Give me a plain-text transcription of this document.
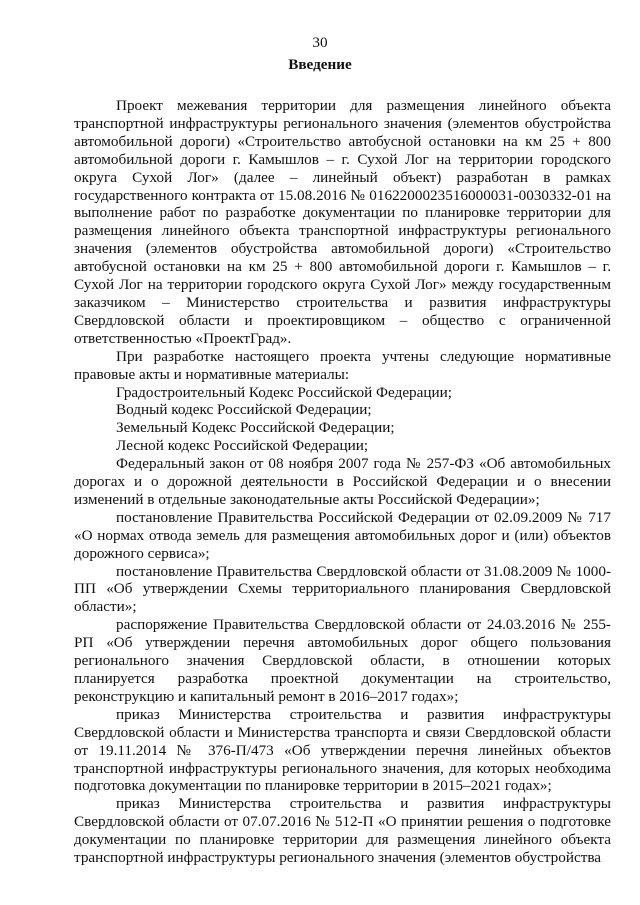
30
Введение

Проект межевания территории для размещения линейного объекта транспортной инфраструктуры регионального значения (элементов обустройства автомобильной дороги) «Строительство автобусной остановки на км 25 + 800 автомобильной дороги г. Камышлов – г. Сухой Лог на территории городского округа Сухой Лог» (далее – линейный объект) разработан в рамках государственного контракта от 15.08.2016 № 0162200023516000031-0030332-01 на выполнение работ по разработке документации по планировке территории для размещения линейного объекта транспортной инфраструктуры регионального значения (элементов обустройства автомобильной дороги) «Строительство автобусной остановки на км 25 + 800 автомобильной дороги г. Камышлов – г. Сухой Лог на территории городского округа Сухой Лог» между государственным заказчиком – Министерство строительства и развития инфраструктуры Свердловской области и проектировщиком – общество с ограниченной ответственностью «ПроектГрад».

При разработке настоящего проекта учтены следующие нормативные правовые акты и нормативные материалы:

Градостроительный Кодекс Российской Федерации;

Водный кодекс Российской Федерации;

Земельный Кодекс Российской Федерации;

Лесной кодекс Российской Федерации;

Федеральный закон от 08 ноября 2007 года № 257-ФЗ «Об автомобильных дорогах и о дорожной деятельности в Российской Федерации и о внесении изменений в отдельные законодательные акты Российской Федерации»;

постановление Правительства Российской Федерации от 02.09.2009 № 717 «О нормах отвода земель для размещения автомобильных дорог и (или) объектов дорожного сервиса»;

постановление Правительства Свердловской области от 31.08.2009 № 1000-ПП «Об утверждении Схемы территориального планирования Свердловской области»;

распоряжение Правительства Свердловской области от 24.03.2016 № 255-РП «Об утверждении перечня автомобильных дорог общего пользования регионального значения Свердловской области, в отношении которых планируется разработка проектной документации на строительство, реконструкцию и капитальный ремонт в 2016–2017 годах»;

приказ Министерства строительства и развития инфраструктуры Свердловской области и Министерства транспорта и связи Свердловской области от 19.11.2014 № 376-П/473 «Об утверждении перечня линейных объектов транспортной инфраструктуры регионального значения, для которых необходима подготовка документации по планировке территории в 2015–2021 годах»;

приказ Министерства строительства и развития инфраструктуры Свердловской области от 07.07.2016 № 512-П «О принятии решения о подготовке документации по планировке территории для размещения линейного объекта транспортной инфраструктуры регионального значения (элементов обустройства
